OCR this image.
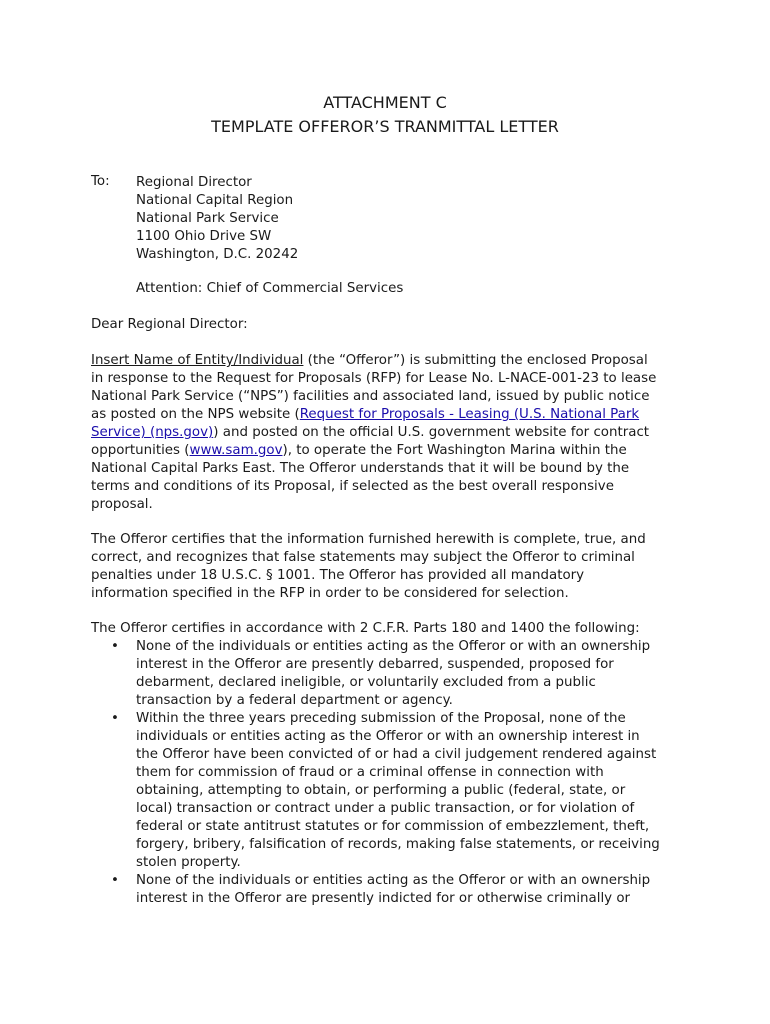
ATTACHMENT C
TEMPLATE OFFEROR’S TRANMITTAL LETTER
To: Regional Director
National Capital Region
National Park Service
1100 Ohio Drive SW
Washington, D.C. 20242
Attention: Chief of Commercial Services
Dear Regional Director:
Insert Name of Entity/Individual (the “Offeror”) is submitting the enclosed Proposal
in response to the Request for Proposals (RFP) for Lease No. L-NACE-001-23 to lease
National Park Service (“NPS”) facilities and associated land, issued by public notice
as posted on the NPS website (Request for Proposals - Leasing (U.S. National Park
Service) (nps.gov)) and posted on the official U.S. government website for contract
opportunities (www.sam.gov), to operate the Fort Washington Marina within the
National Capital Parks East. The Offeror understands that it will be bound by the
terms and conditions of its Proposal, if selected as the best overall responsive
proposal.
The Offeror certifies that the information furnished herewith is complete, true, and
correct, and recognizes that false statements may subject the Offeror to criminal
penalties under 18 U.S.C. § 1001. The Offeror has provided all mandatory
information specified in the RFP in order to be considered for selection.
The Offeror certifies in accordance with 2 C.F.R. Parts 180 and 1400 the following:
• None of the individuals or entities acting as the Offeror or with an ownership
interest in the Offeror are presently debarred, suspended, proposed for
debarment, declared ineligible, or voluntarily excluded from a public
transaction by a federal department or agency.
• Within the three years preceding submission of the Proposal, none of the
individuals or entities acting as the Offeror or with an ownership interest in
the Offeror have been convicted of or had a civil judgement rendered against
them for commission of fraud or a criminal offense in connection with
obtaining, attempting to obtain, or performing a public (federal, state, or
local) transaction or contract under a public transaction, or for violation of
federal or state antitrust statutes or for commission of embezzlement, theft,
forgery, bribery, falsification of records, making false statements, or receiving
stolen property.
• None of the individuals or entities acting as the Offeror or with an ownership
interest in the Offeror are presently indicted for or otherwise criminally or
